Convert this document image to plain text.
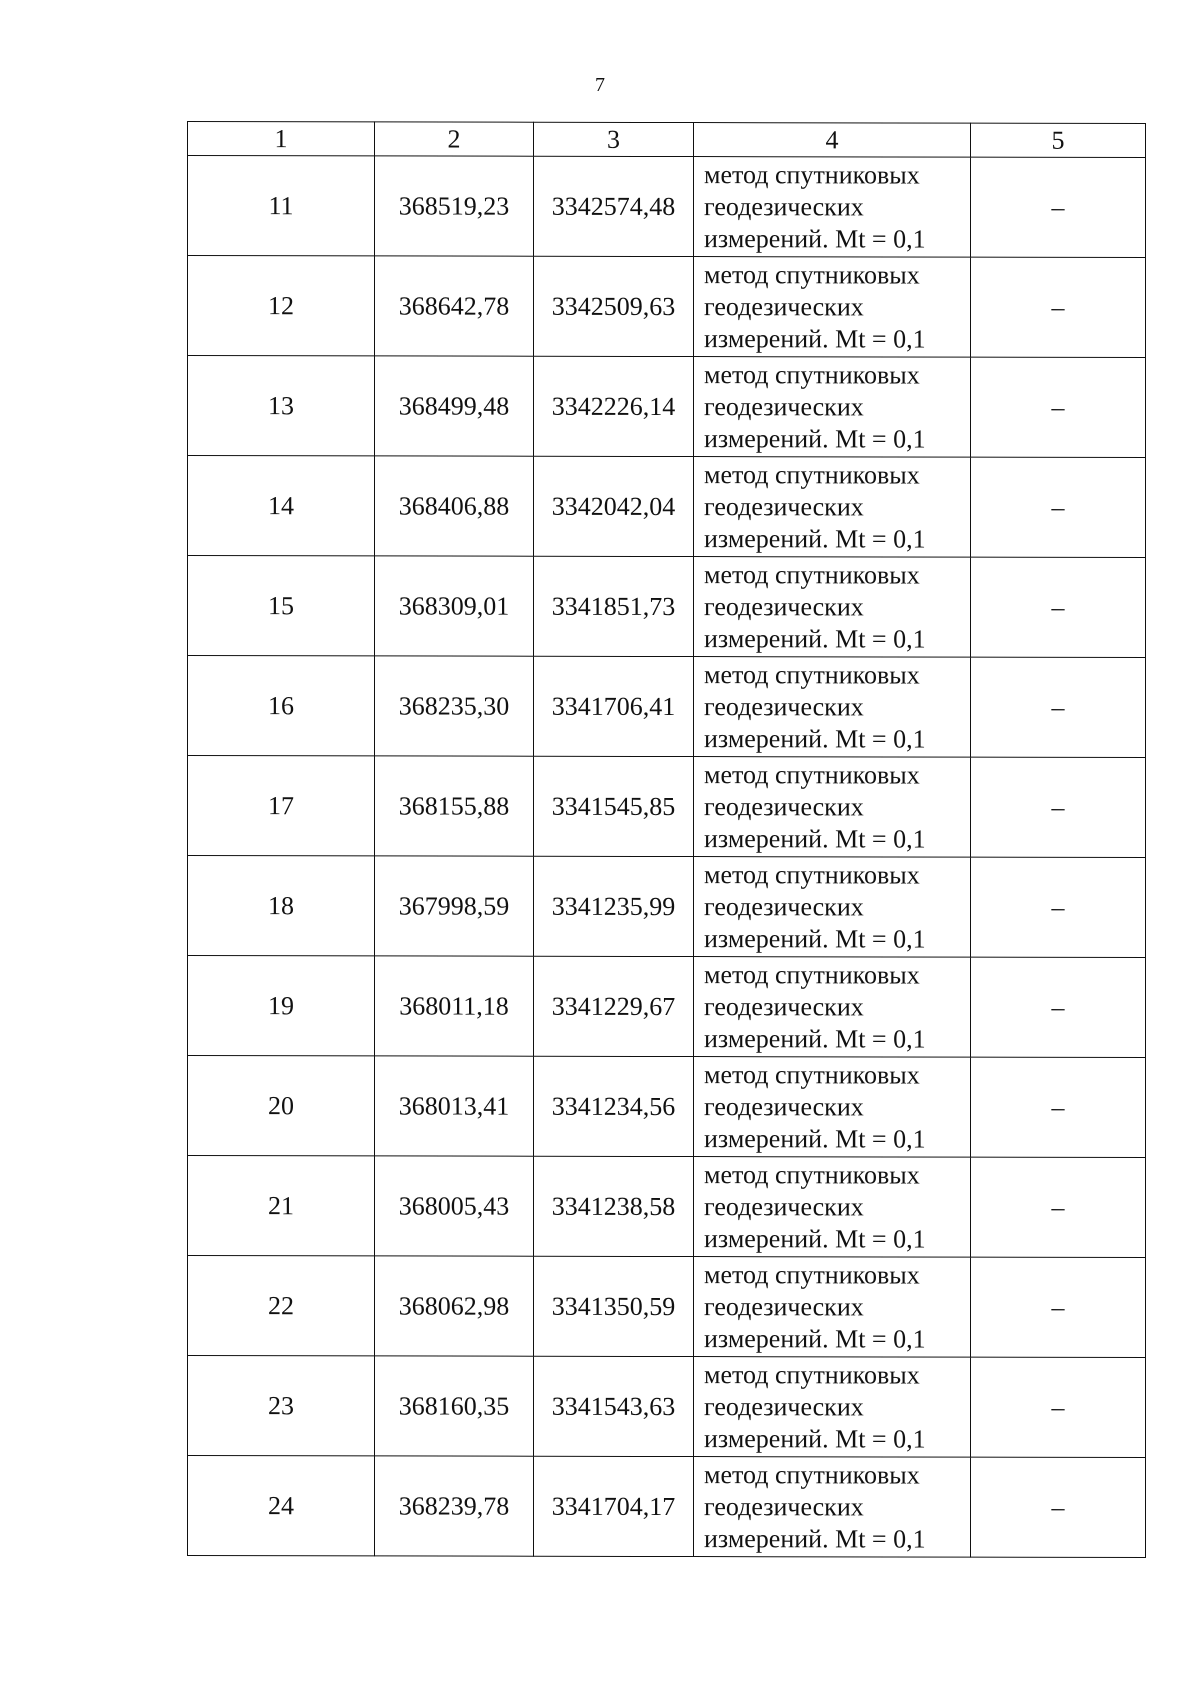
7
1	2	3	4	5
11	368519,23	3342574,48	метод спутниковых
геодезических
измерений. Mt = 0,1	–
12	368642,78	3342509,63	метод спутниковых
геодезических
измерений. Mt = 0,1	–
13	368499,48	3342226,14	метод спутниковых
геодезических
измерений. Mt = 0,1	–
14	368406,88	3342042,04	метод спутниковых
геодезических
измерений. Mt = 0,1	–
15	368309,01	3341851,73	метод спутниковых
геодезических
измерений. Mt = 0,1	–
16	368235,30	3341706,41	метод спутниковых
геодезических
измерений. Mt = 0,1	–
17	368155,88	3341545,85	метод спутниковых
геодезических
измерений. Mt = 0,1	–
18	367998,59	3341235,99	метод спутниковых
геодезических
измерений. Mt = 0,1	–
19	368011,18	3341229,67	метод спутниковых
геодезических
измерений. Mt = 0,1	–
20	368013,41	3341234,56	метод спутниковых
геодезических
измерений. Mt = 0,1	–
21	368005,43	3341238,58	метод спутниковых
геодезических
измерений. Mt = 0,1	–
22	368062,98	3341350,59	метод спутниковых
геодезических
измерений. Mt = 0,1	–
23	368160,35	3341543,63	метод спутниковых
геодезических
измерений. Mt = 0,1	–
24	368239,78	3341704,17	метод спутниковых
геодезических
измерений. Mt = 0,1	–
